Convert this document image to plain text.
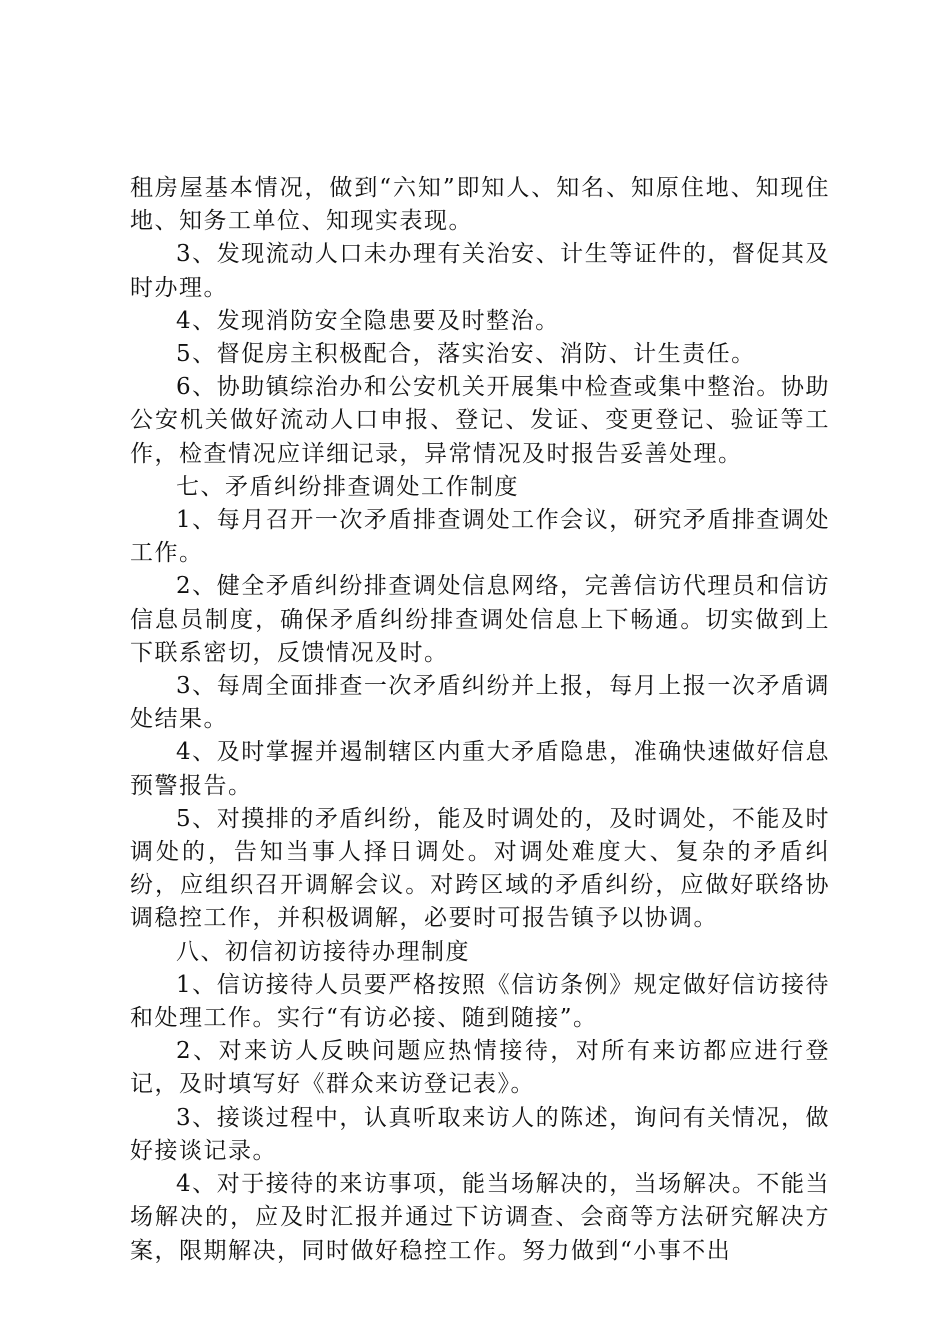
租房屋基本情况，做到“六知”即知人、知名、知原住地、知现住地、知务工单位、知现实表现。

3、发现流动人口未办理有关治安、计生等证件的，督促其及时办理。

4、发现消防安全隐患要及时整治。

5、督促房主积极配合，落实治安、消防、计生责任。

6、协助镇综治办和公安机关开展集中检查或集中整治。协助公安机关做好流动人口申报、登记、发证、变更登记、验证等工作，检查情况应详细记录，异常情况及时报告妥善处理。

七、矛盾纠纷排查调处工作制度

1、每月召开一次矛盾排查调处工作会议，研究矛盾排查调处工作。

2、健全矛盾纠纷排查调处信息网络，完善信访代理员和信访信息员制度，确保矛盾纠纷排查调处信息上下畅通。切实做到上下联系密切，反馈情况及时。

3、每周全面排查一次矛盾纠纷并上报，每月上报一次矛盾调处结果。

4、及时掌握并遏制辖区内重大矛盾隐患，准确快速做好信息预警报告。

5、对摸排的矛盾纠纷，能及时调处的，及时调处，不能及时调处的，告知当事人择日调处。对调处难度大、复杂的矛盾纠纷，应组织召开调解会议。对跨区域的矛盾纠纷，应做好联络协调稳控工作，并积极调解，必要时可报告镇予以协调。

八、初信初访接待办理制度

1、信访接待人员要严格按照《信访条例》规定做好信访接待和处理工作。实行“有访必接、随到随接”。

2、对来访人反映问题应热情接待，对所有来访都应进行登记，及时填写好《群众来访登记表》。

3、接谈过程中，认真听取来访人的陈述，询问有关情况，做好接谈记录。

4、对于接待的来访事项，能当场解决的，当场解决。不能当场解决的，应及时汇报并通过下访调查、会商等方法研究解决方案，限期解决，同时做好稳控工作。努力做到“小事不出
